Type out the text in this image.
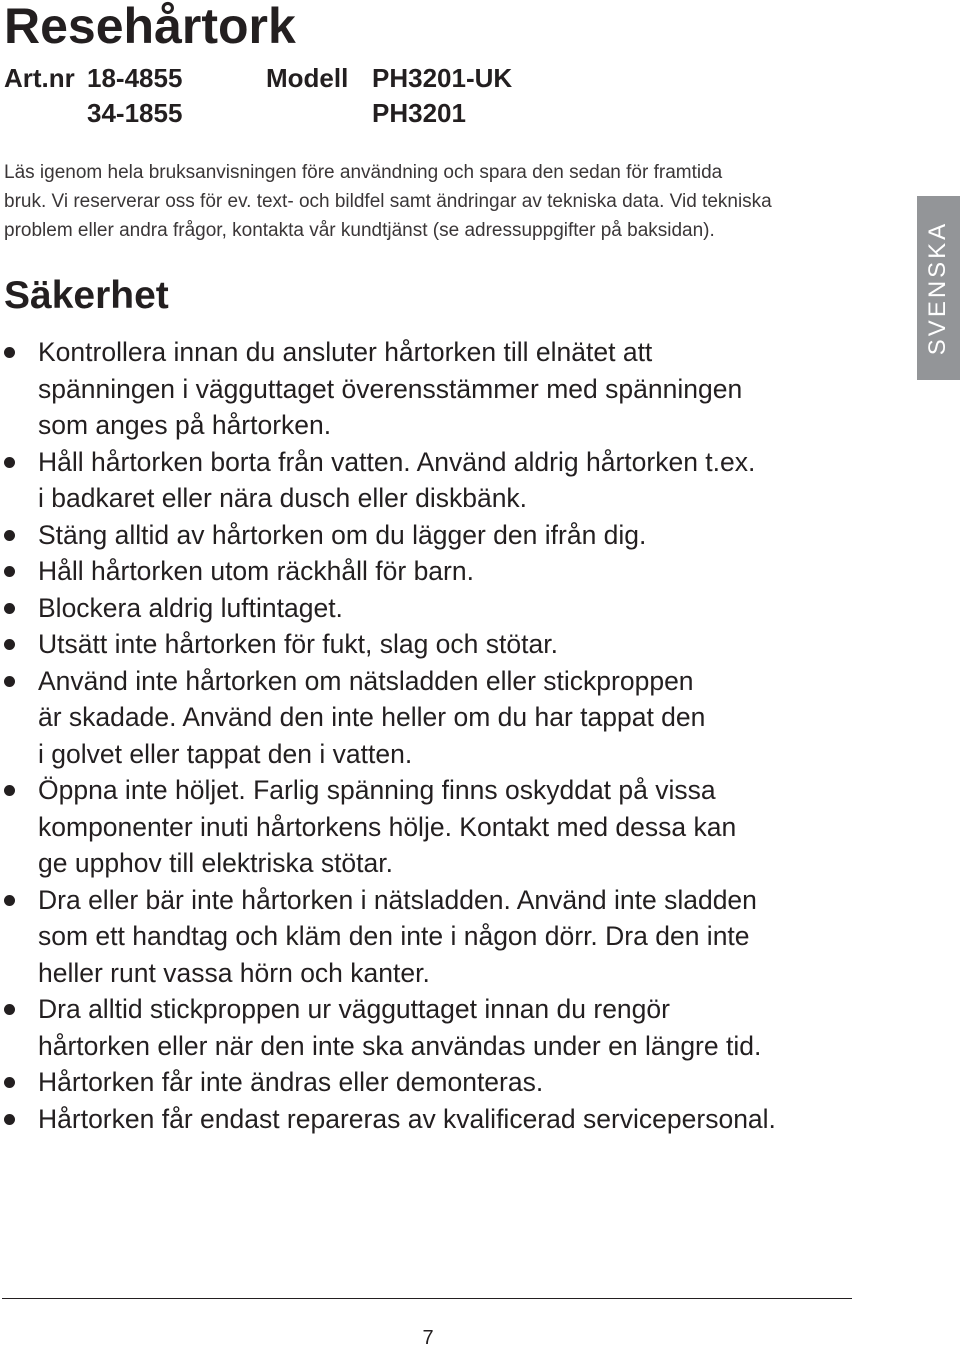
Resehårtork
Art.nr 18-4855
34-1855
Modell PH3201-UK
PH3201

Läs igenom hela bruksanvisningen före användning och spara den sedan för framtida

bruk. Vi reserverar oss för ev. text- och bildfel samt ändringar av tekniska data. Vid tekniska

problem eller andra frågor, kontakta vår kundtjänst (se adressuppgifter på baksidan).

Säkerhet
Kontrollera innan du ansluter hårtorken till elnätet att
spänningen i vägguttaget överensstämmer med spänningen
som anges på hårtorken.
Håll hårtorken borta från vatten. Använd aldrig hårtorken t.ex.
i badkaret eller nära dusch eller diskbänk.
Stäng alltid av hårtorken om du lägger den ifrån dig.
Håll hårtorken utom räckhåll för barn.
Blockera aldrig luftintaget.
Utsätt inte hårtorken för fukt, slag och stötar.
Använd inte hårtorken om nätsladden eller stickproppen
är skadade. Använd den inte heller om du har tappat den
i golvet eller tappat den i vatten.
Öppna inte höljet. Farlig spänning finns oskyddat på vissa
komponenter inuti hårtorkens hölje. Kontakt med dessa kan
ge upphov till elektriska stötar.
Dra eller bär inte hårtorken i nätsladden. Använd inte sladden
som ett handtag och kläm den inte i någon dörr. Dra den inte
heller runt vassa hörn och kanter.
Dra alltid stickproppen ur vägguttaget innan du rengör
hårtorken eller när den inte ska användas under en längre tid.
Hårtorken får inte ändras eller demonteras.
Hårtorken får endast repareras av kvalificerad servicepersonal.
SVENSKA
7
